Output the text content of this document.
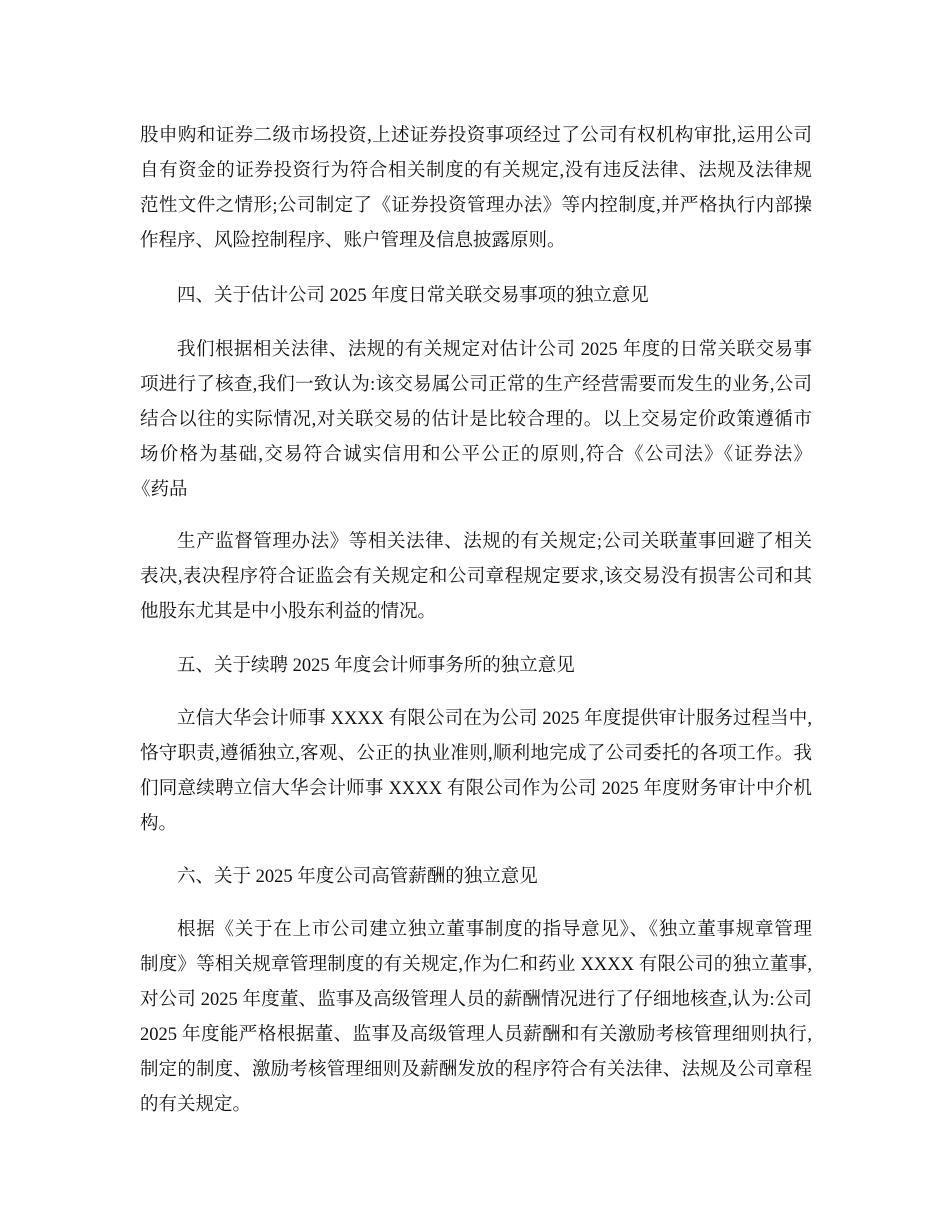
股申购和证券二级市场投资,上述证券投资事项经过了公司有权机构审批,运用公司
自有资金的证券投资行为符合相关制度的有关规定,没有违反法律、法规及法律规
范性文件之情形;公司制定了《证券投资管理办法》等内控制度,并严格执行内部操
作程序、风险控制程序、账户管理及信息披露原则。
四、关于估计公司 2025 年度日常关联交易事项的独立意见
我们根据相关法律、法规的有关规定对估计公司 2025 年度的日常关联交易事
项进行了核查,我们一致认为:该交易属公司正常的生产经营需要而发生的业务,公司
结合以往的实际情况,对关联交易的估计是比较合理的。以上交易定价政策遵循市
场价格为基础,交易符合诚实信用和公平公正的原则,符合《公司法》《证券法》
《药品
生产监督管理办法》等相关法律、法规的有关规定;公司关联董事回避了相关
表决,表决程序符合证监会有关规定和公司章程规定要求,该交易没有损害公司和其
他股东尤其是中小股东利益的情况。
五、关于续聘 2025 年度会计师事务所的独立意见
立信大华会计师事 XXXX 有限公司在为公司 2025 年度提供审计服务过程当中,
恪守职责,遵循独立,客观、公正的执业准则,顺利地完成了公司委托的各项工作。我
们同意续聘立信大华会计师事 XXXX 有限公司作为公司 2025 年度财务审计中介机
构。
六、关于 2025 年度公司高管薪酬的独立意见
根据《关于在上市公司建立独立董事制度的指导意见》、《独立董事规章管理
制度》等相关规章管理制度的有关规定,作为仁和药业 XXXX 有限公司的独立董事,
对公司 2025 年度董、监事及高级管理人员的薪酬情况进行了仔细地核查,认为:公司
2025 年度能严格根据董、监事及高级管理人员薪酬和有关激励考核管理细则执行,
制定的制度、激励考核管理细则及薪酬发放的程序符合有关法律、法规及公司章程
的有关规定。
